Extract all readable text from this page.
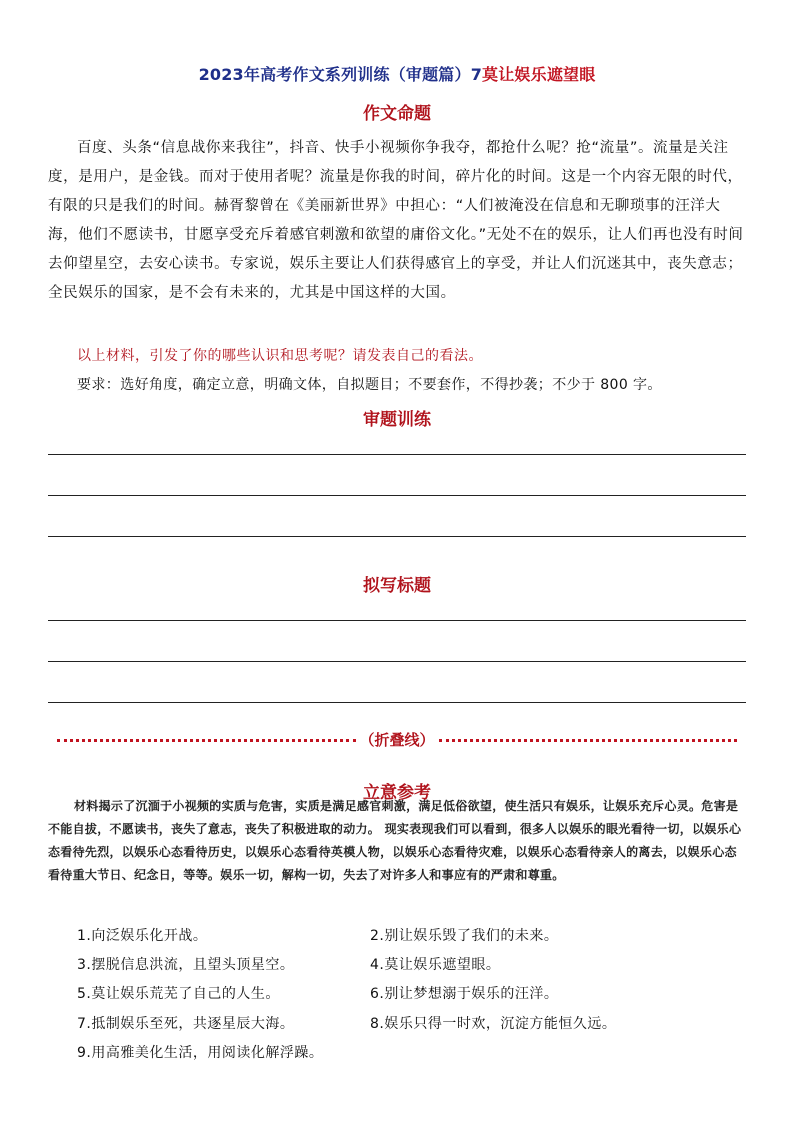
2023年高考作文系列训练（审题篇）7莫让娱乐遮望眼
作文命题

百度、头条“信息战你来我往”，抖音、快手小视频你争我夺，都抢什么呢？抢“流量”。流量是关注度，是用户，是金钱。而对于使用者呢？流量是你我的时间，碎片化的时间。这是一个内容无限的时代，有限的只是我们的时间。赫胥黎曾在《美丽新世界》中担心：“人们被淹没在信息和无聊琐事的汪洋大海，他们不愿读书，甘愿享受充斥着感官刺激和欲望的庸俗文化。”无处不在的娱乐，让人们再也没有时间去仰望星空，去安心读书。专家说，娱乐主要让人们获得感官上的享受，并让人们沉迷其中，丧失意志；全民娱乐的国家，是不会有未来的，尤其是中国这样的大国。

以上材料，引发了你的哪些认识和思考呢？请发表自己的看法。
要求：选好角度，确定立意，明确文体，自拟题目；不要套作，不得抄袭；不少于 800 字。
审题训练
拟写标题
（折叠线）
立意参考
材料揭示了沉湎于小视频的实质与危害，实质是满足感官刺激，满足低俗欲望，使生活只有娱乐，让娱乐充斥心灵。危害是不能自拔，不愿读书，丧失了意志，丧失了积极进取的动力。 现实表现我们可以看到，很多人以娱乐的眼光看待一切，以娱乐心态看待先烈，以娱乐心态看待历史，以娱乐心态看待英模人物，以娱乐心态看待灾难，以娱乐心态看待亲人的离去，以娱乐心态看待重大节日、纪念日，等等。娱乐一切，解构一切，失去了对许多人和事应有的严肃和尊重。
1.向泛娱乐化开战。	2.别让娱乐毁了我们的未来。
3.摆脱信息洪流，且望头顶星空。	4.莫让娱乐遮望眼。
5.莫让娱乐荒芜了自己的人生。	6.别让梦想溺于娱乐的汪洋。
7.抵制娱乐至死，共逐星辰大海。	8.娱乐只得一时欢，沉淀方能恒久远。
9.用高雅美化生活，用阅读化解浮躁。
